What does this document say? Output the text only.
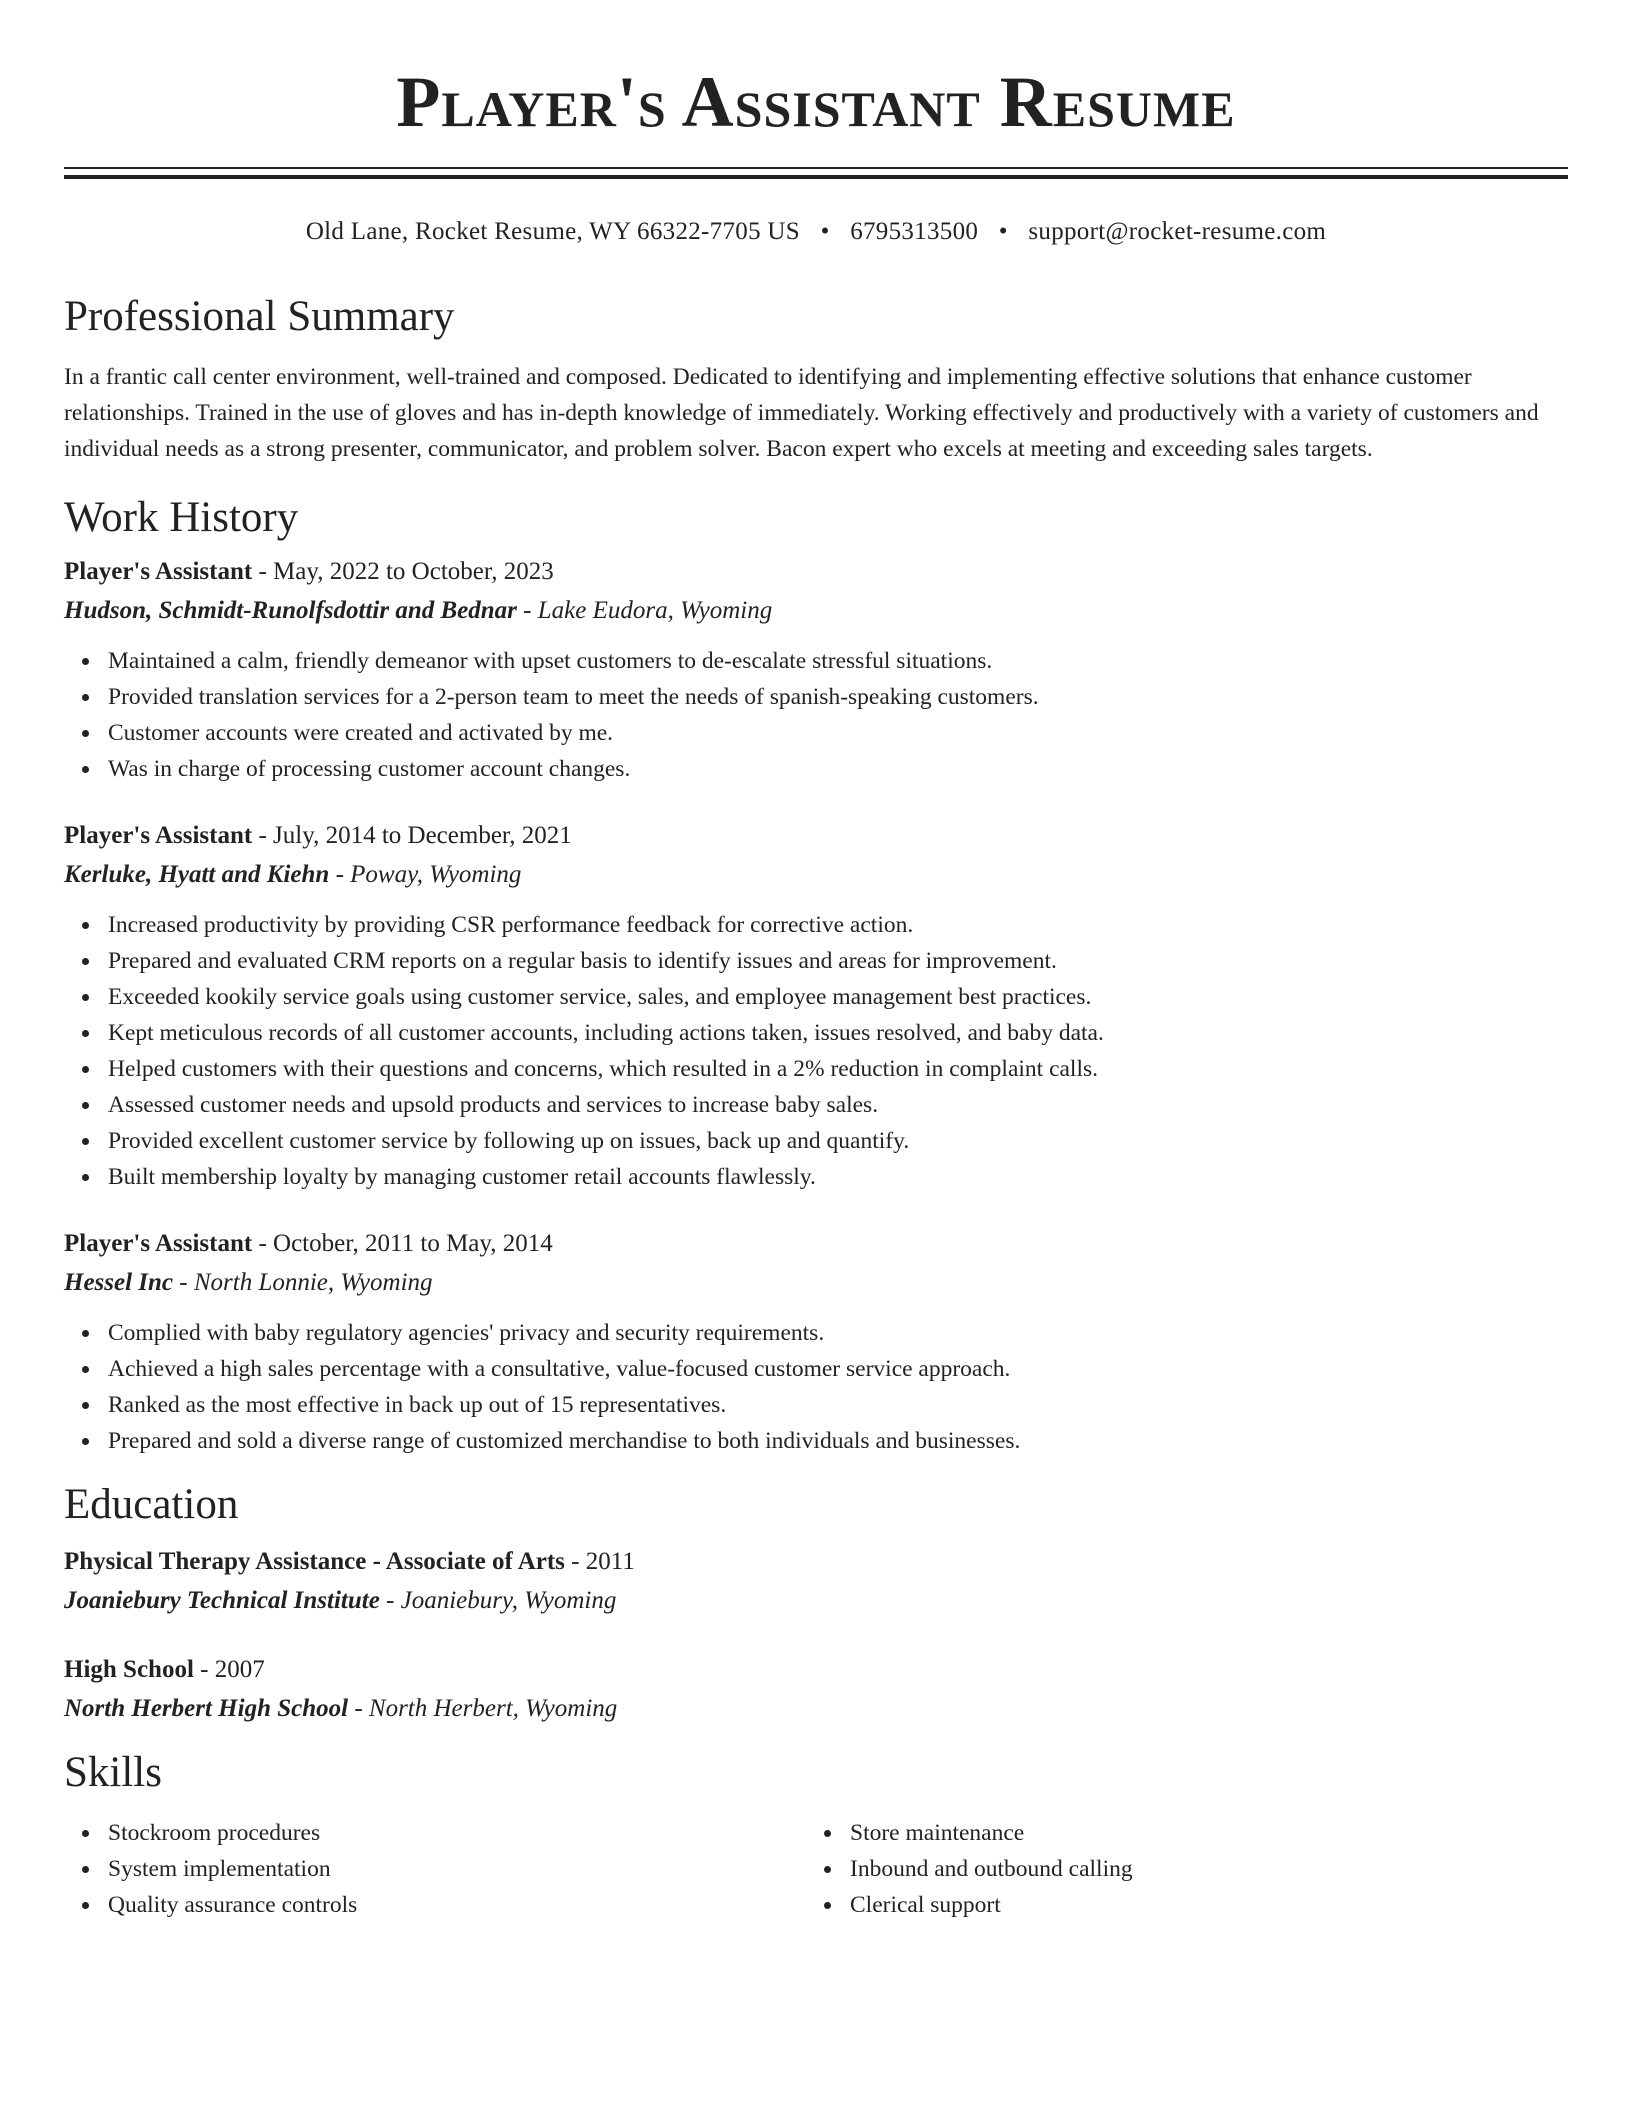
Player's Assistant Resume
Old Lane, Rocket Resume, WY 66322-7705 US • 6795313500 • support@rocket-resume.com
Professional Summary

In a frantic call center environment, well-trained and composed. Dedicated to identifying and implementing effective solutions that enhance customer relationships. Trained in the use of gloves and has in-depth knowledge of immediately. Working effectively and productively with a variety of customers and individual needs as a strong presenter, communicator, and problem solver. Bacon expert who excels at meeting and exceeding sales targets.

Work History
Player's Assistant - May, 2022 to October, 2023
Hudson, Schmidt-Runolfsdottir and Bednar - Lake Eudora, Wyoming
Maintained a calm, friendly demeanor with upset customers to de-escalate stressful situations.
Provided translation services for a 2-person team to meet the needs of spanish-speaking customers.
Customer accounts were created and activated by me.
Was in charge of processing customer account changes.
Player's Assistant - July, 2014 to December, 2021
Kerluke, Hyatt and Kiehn - Poway, Wyoming
Increased productivity by providing CSR performance feedback for corrective action.
Prepared and evaluated CRM reports on a regular basis to identify issues and areas for improvement.
Exceeded kookily service goals using customer service, sales, and employee management best practices.
Kept meticulous records of all customer accounts, including actions taken, issues resolved, and baby data.
Helped customers with their questions and concerns, which resulted in a 2% reduction in complaint calls.
Assessed customer needs and upsold products and services to increase baby sales.
Provided excellent customer service by following up on issues, back up and quantify.
Built membership loyalty by managing customer retail accounts flawlessly.
Player's Assistant - October, 2011 to May, 2014
Hessel Inc - North Lonnie, Wyoming
Complied with baby regulatory agencies' privacy and security requirements.
Achieved a high sales percentage with a consultative, value-focused customer service approach.
Ranked as the most effective in back up out of 15 representatives.
Prepared and sold a diverse range of customized merchandise to both individuals and businesses.
Education
Physical Therapy Assistance - Associate of Arts - 2011
Joaniebury Technical Institute - Joaniebury, Wyoming
High School - 2007
North Herbert High School - North Herbert, Wyoming
Skills
Stockroom procedures
System implementation
Quality assurance controls
Store maintenance
Inbound and outbound calling
Clerical support
